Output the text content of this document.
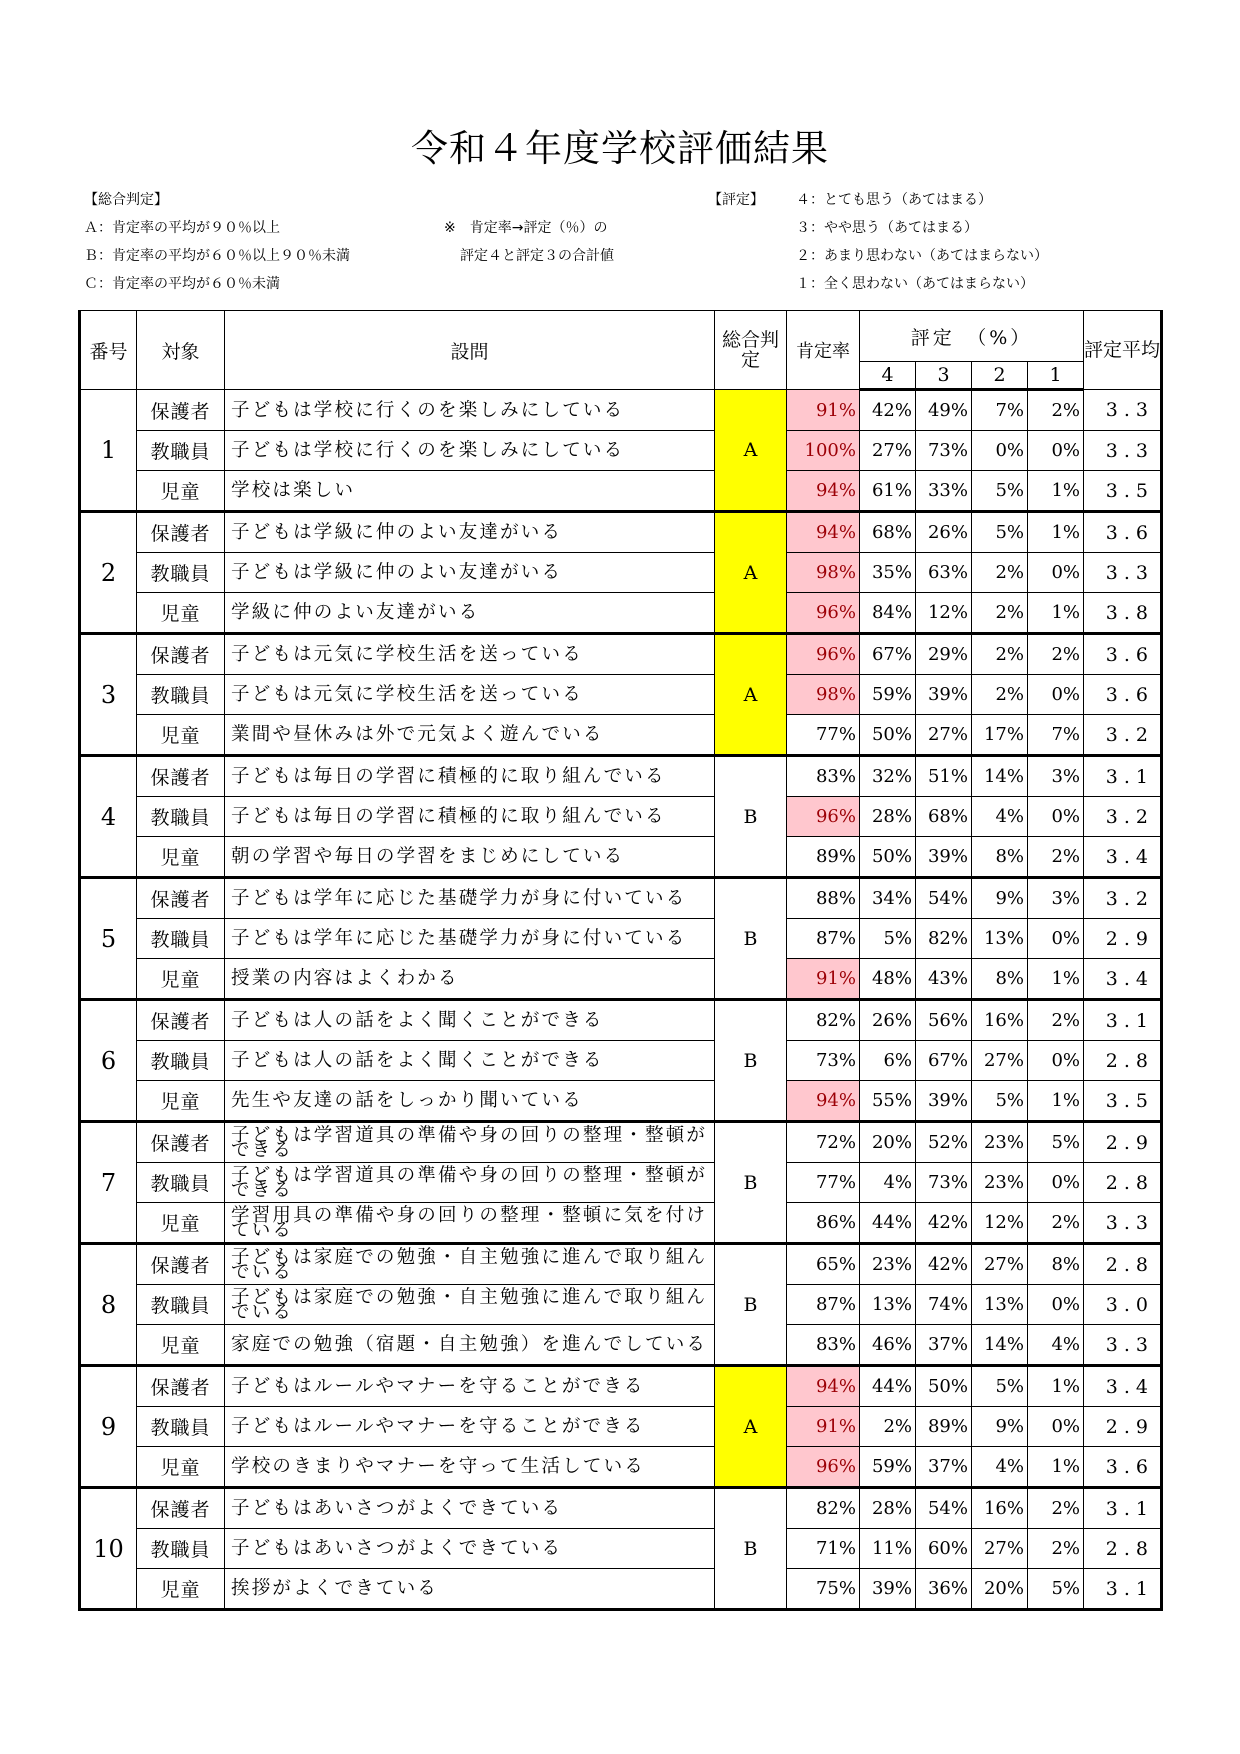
令和４年度学校評価結果
【総合判定】
Ａ：肯定率の平均が９０％以上
Ｂ：肯定率の平均が６０％以上９０％未満
Ｃ：肯定率の平均が６０％未満
※　肯定率→評定（％）の
評定４と評定３の合計値
【評定】 ４：とても思う（あてはまる）
３：やや思う（あてはまる）
２：あまり思わない（あてはまらない）
１：全く思わない（あてはまらない）
番号	対象	設問	総合判定	肯定率	評定　（%）				評定平均
					4	3	2	1	
1	保護者	子どもは学校に行くのを楽しみにしている	A	91%	42%	49%	7%	2%	3.3
	教職員	子どもは学校に行くのを楽しみにしている		100%	27%	73%	0%	0%	3.3
	児童	学校は楽しい		94%	61%	33%	5%	1%	3.5
2	保護者	子どもは学級に仲のよい友達がいる	A	94%	68%	26%	5%	1%	3.6
	教職員	子どもは学級に仲のよい友達がいる		98%	35%	63%	2%	0%	3.3
	児童	学級に仲のよい友達がいる		96%	84%	12%	2%	1%	3.8
3	保護者	子どもは元気に学校生活を送っている	A	96%	67%	29%	2%	2%	3.6
	教職員	子どもは元気に学校生活を送っている		98%	59%	39%	2%	0%	3.6
	児童	業間や昼休みは外で元気よく遊んでいる		77%	50%	27%	17%	7%	3.2
4	保護者	子どもは毎日の学習に積極的に取り組んでいる	B	83%	32%	51%	14%	3%	3.1
	教職員	子どもは毎日の学習に積極的に取り組んでいる		96%	28%	68%	4%	0%	3.2
	児童	朝の学習や毎日の学習をまじめにしている		89%	50%	39%	8%	2%	3.4
5	保護者	子どもは学年に応じた基礎学力が身に付いている	B	88%	34%	54%	9%	3%	3.2
	教職員	子どもは学年に応じた基礎学力が身に付いている		87%	5%	82%	13%	0%	2.9
	児童	授業の内容はよくわかる		91%	48%	43%	8%	1%	3.4
6	保護者	子どもは人の話をよく聞くことができる	B	82%	26%	56%	16%	2%	3.1
	教職員	子どもは人の話をよく聞くことができる		73%	6%	67%	27%	0%	2.8
	児童	先生や友達の話をしっかり聞いている		94%	55%	39%	5%	1%	3.5
7	保護者	子どもは学習道具の準備や身の回りの整理・整頓ができる	B	72%	20%	52%	23%	5%	2.9
	教職員	子どもは学習道具の準備や身の回りの整理・整頓ができる		77%	4%	73%	23%	0%	2.8
	児童	学習用具の準備や身の回りの整理・整頓に気を付けている		86%	44%	42%	12%	2%	3.3
8	保護者	子どもは家庭での勉強・自主勉強に進んで取り組んでいる	B	65%	23%	42%	27%	8%	2.8
	教職員	子どもは家庭での勉強・自主勉強に進んで取り組んでいる		87%	13%	74%	13%	0%	3.0
	児童	家庭での勉強（宿題・自主勉強）を進んでしている		83%	46%	37%	14%	4%	3.3
9	保護者	子どもはルールやマナーを守ることができる	A	94%	44%	50%	5%	1%	3.4
	教職員	子どもはルールやマナーを守ることができる		91%	2%	89%	9%	0%	2.9
	児童	学校のきまりやマナーを守って生活している		96%	59%	37%	4%	1%	3.6
10	保護者	子どもはあいさつがよくできている	B	82%	28%	54%	16%	2%	3.1
	教職員	子どもはあいさつがよくできている		71%	11%	60%	27%	2%	2.8
	児童	挨拶がよくできている		75%	39%	36%	20%	5%	3.1
